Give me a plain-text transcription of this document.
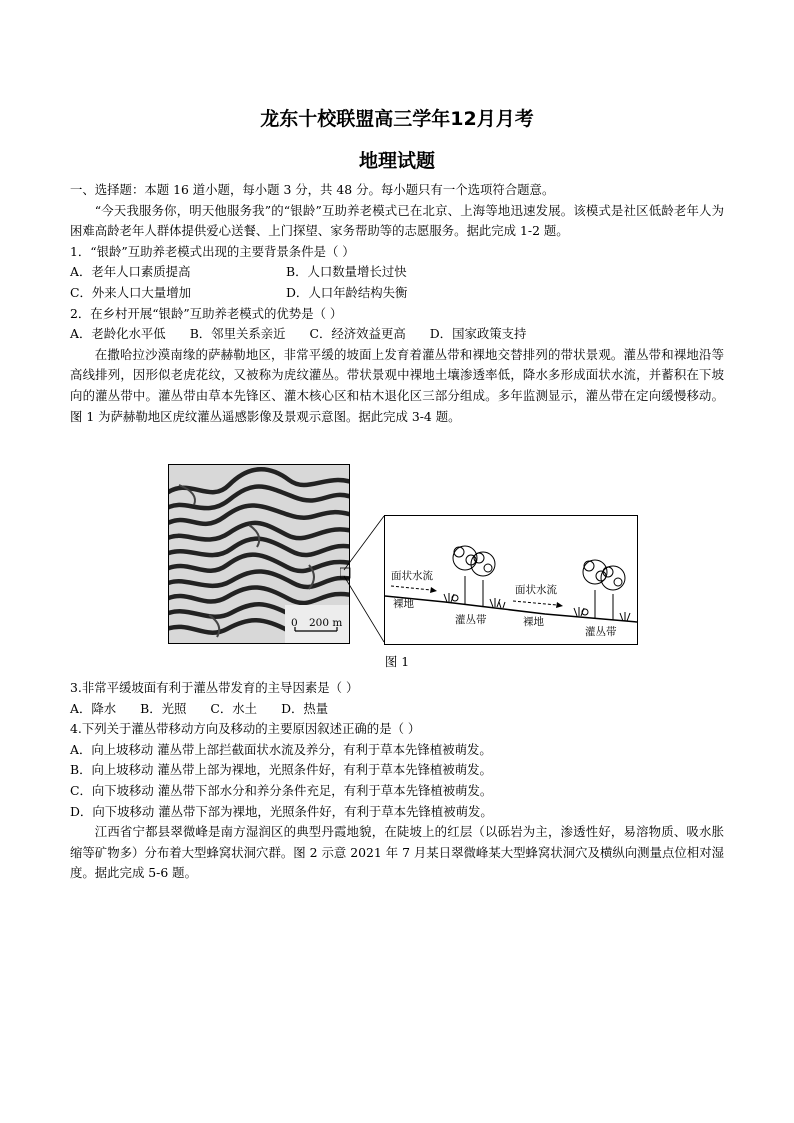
龙东十校联盟高三学年12月月考
地理试题

一、选择题：本题 16 道小题，每小题 3 分，共 48 分。每小题只有一个选项符合题意。

“今天我服务你，明天他服务我”的“银龄”互助养老模式已在北京、上海等地迅速发展。该模式是社区低龄老年人为困难高龄老年人群体提供爱心送餐、上门探望、家务帮助等的志愿服务。据此完成 1-2 题。

1．“银龄”互助养老模式出现的主要背景条件是（ ）

A．老年人口素质提高	B．人口数量增长过快
C．外来人口大量增加	D．人口年龄结构失衡

2．在乡村开展“银龄”互助养老模式的优势是（ ）

A．老龄化水平低 B．邻里关系亲近 C．经济效益更高 D．国家政策支持

在撒哈拉沙漠南缘的萨赫勒地区，非常平缓的坡面上发育着灌丛带和裸地交替排列的带状景观。灌丛带和裸地沿等高线排列，因形似老虎花纹，又被称为虎纹灌丛。带状景观中裸地土壤渗透率低，降水多形成面状水流，并蓄积在下坡向的灌丛带中。灌丛带由草本先锋区、灌木核心区和枯木退化区三部分组成。多年监测显示，灌丛带在定向缓慢移动。图 1 为萨赫勒地区虎纹灌丛遥感影像及景观示意图。据此完成 3-4 题。

0 200 m
面状水流
面状水流
裸地
灌丛带	裸地
灌丛带
图 1

3.非常平缓坡面有利于灌丛带发育的主导因素是（ ）

A．降水 B．光照 C．水土 D．热量

4.下列关于灌丛带移动方向及移动的主要原因叙述正确的是（ ）

A．向上坡移动 灌丛带上部拦截面状水流及养分，有利于草本先锋植被萌发。

B．向上坡移动 灌丛带上部为裸地，光照条件好，有利于草本先锋植被萌发。

C．向下坡移动 灌丛带下部水分和养分条件充足，有利于草本先锋植被萌发。

D．向下坡移动 灌丛带下部为裸地，光照条件好，有利于草本先锋植被萌发。

江西省宁都县翠微峰是南方湿润区的典型丹霞地貌，在陡坡上的红层（以砾岩为主，渗透性好，易溶物质、吸水胀缩等矿物多）分布着大型蜂窝状洞穴群。图 2 示意 2021 年 7 月某日翠微峰某大型蜂窝状洞穴及横纵向测量点位相对湿度。据此完成 5-6 题。
